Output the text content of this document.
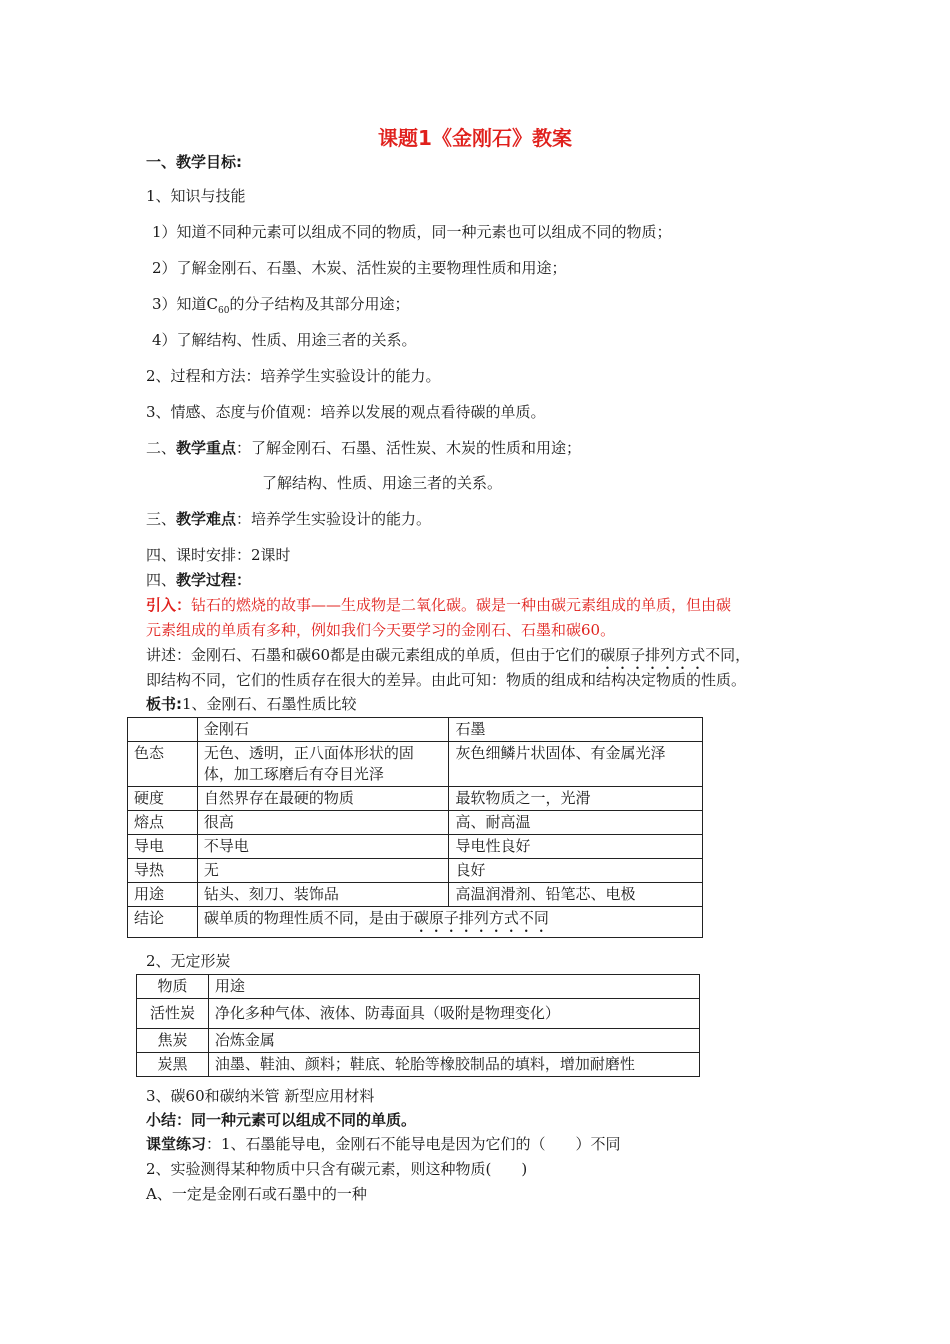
课题1《金刚石》教案
一、教学目标:
1、知识与技能
1）知道不同种元素可以组成不同的物质，同一种元素也可以组成不同的物质；
2）了解金刚石、石墨、木炭、活性炭的主要物理性质和用途；
3）知道$C_{60}$的分子结构及其部分用途；
4）了解结构、性质、用途三者的关系。
2、过程和方法：培养学生实验设计的能力。
3、情感、态度与价值观：培养以发展的观点看待碳的单质。
二、教学重点：了解金刚石、石墨、活性炭、木炭的性质和用途；
了解结构、性质、用途三者的关系。
三、教学难点：培养学生实验设计的能力。
四、课时安排：2课时
四、教学过程：
引入：钻石的燃烧的故事——生成物是二氧化碳。碳是一种由碳元素组成的单质，但由碳
元素组成的单质有多种，例如我们今天要学习的金刚石、石墨和碳60。
讲述：金刚石、石墨和碳60都是由碳元素组成的单质，但由于它们的碳原子排列方式不同，
即结构不同，它们的性质存在很大的差异。由此可知：物质的组成和结构决定物质的性质。
板书:1、金刚石、石墨性质比较
	金刚石	石墨
色态	无色、透明，正八面体形状的固体，加工琢磨后有夺目光泽	灰色细鳞片状固体、有金属光泽
硬度	自然界存在最硬的物质	最软物质之一，光滑
熔点	很高	高、耐高温
导电	不导电	导电性良好
导热	无	良好
用途	钻头、刻刀、装饰品	高温润滑剂、铅笔芯、电极
结论	碳单质的物理性质不同，是由于碳原子排列方式不同	
2、无定形炭
物质	用途
活性炭	净化多种气体、液体、防毒面具（吸附是物理变化）
焦炭	冶炼金属
炭黑	油墨、鞋油、颜料；鞋底、轮胎等橡胶制品的填料，增加耐磨性
3、碳60和碳纳米管 新型应用材料
小结：同一种元素可以组成不同的单质。
课堂练习：1、石墨能导电，金刚石不能导电是因为它们的（　　）不同
2、实验测得某种物质中只含有碳元素，则这种物质(　　)
A、一定是金刚石或石墨中的一种
